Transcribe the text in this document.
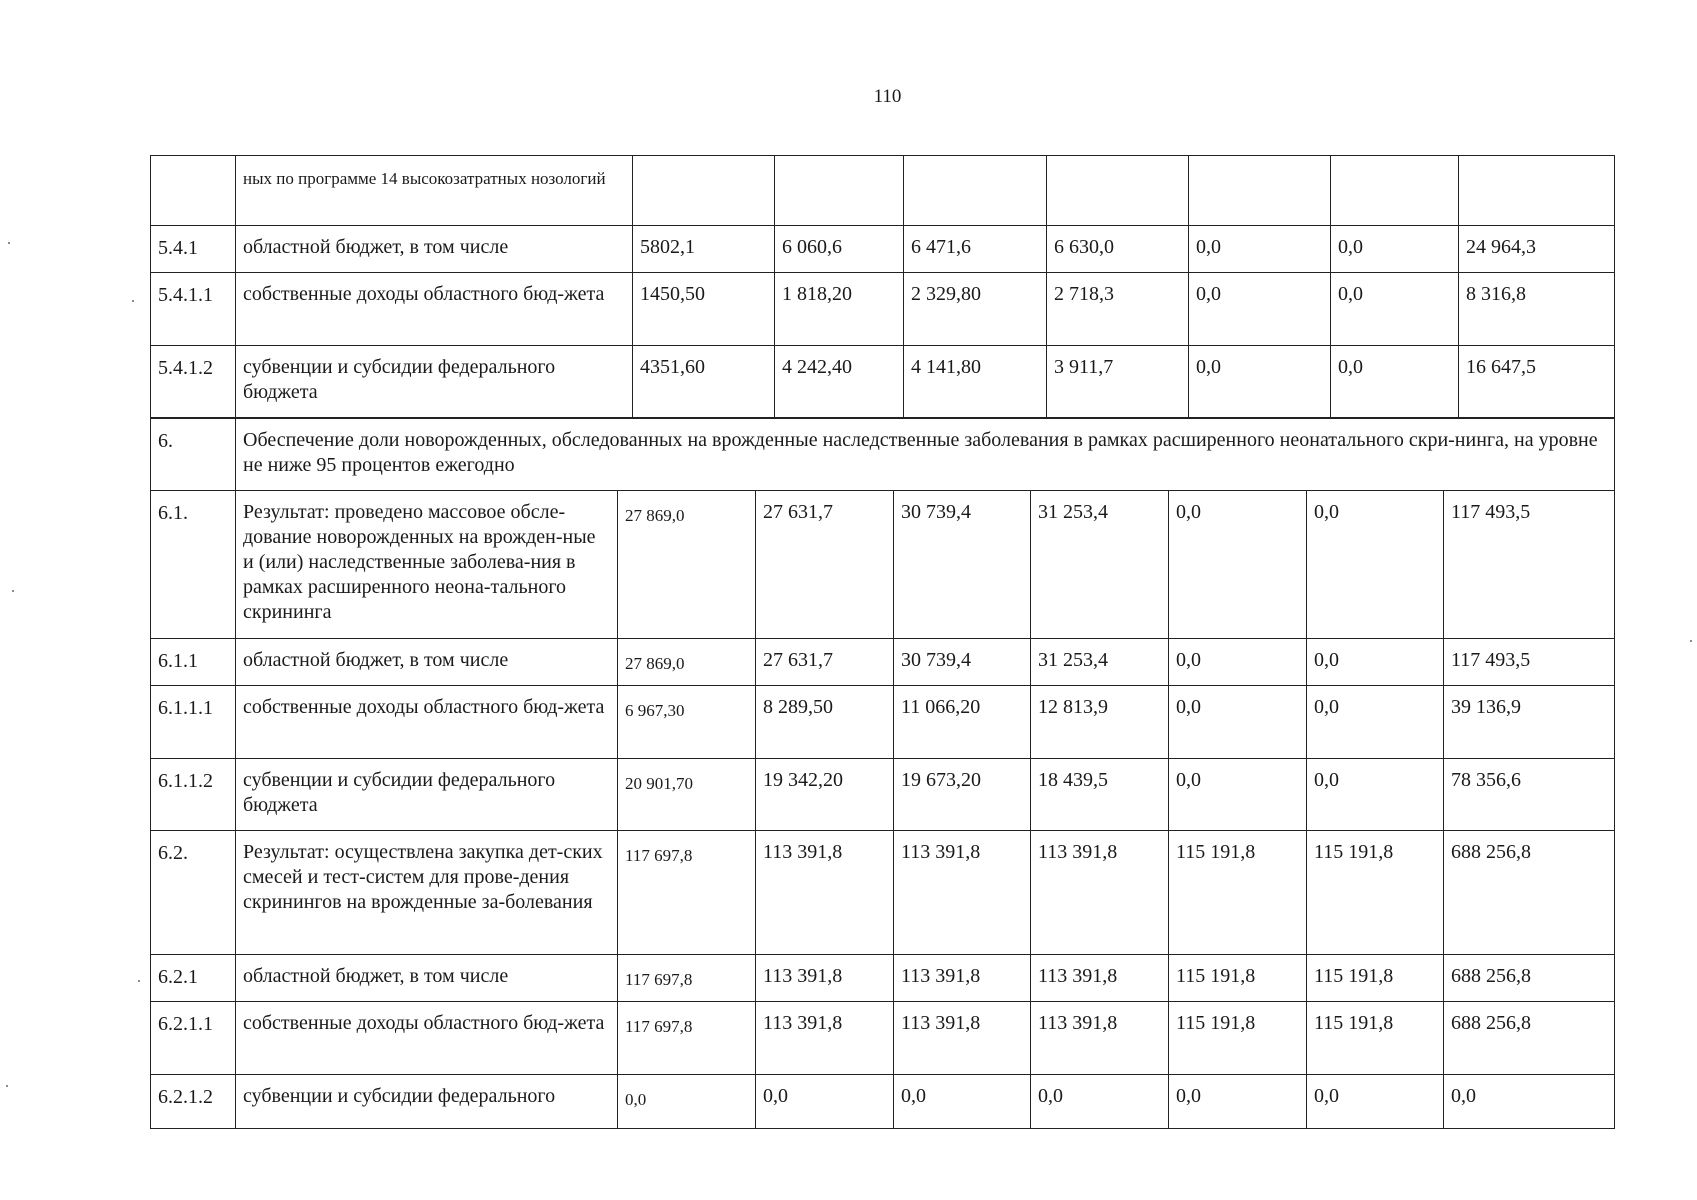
110
	ных по программе 14 высокозатратных нозологий							
5.4.1	областной бюджет, в том числе	5802,1	6 060,6	6 471,6	6 630,0	0,0	0,0	24 964,3
5.4.1.1	собственные доходы областного бюд-жета	1450,50	1 818,20	2 329,80	2 718,3	0,0	0,0	8 316,8
5.4.1.2	субвенции и субсидии федерального бюджета	4351,60	4 242,40	4 141,80	3 911,7	0,0	0,0	16 647,5
6.	Обеспечение доли новорожденных, обследованных на врожденные наследственные заболевания в рамках расширенного неонатального скри-нинга, на уровне не ниже 95 процентов ежегодно
6.1.	Результат: проведено массовое обсле-дование новорожденных на врожден-ные и (или) наследственные заболева-ния в рамках расширенного неона-тального скрининга	27 869,0	27 631,7	30 739,4	31 253,4	0,0	0,0	117 493,5
6.1.1	областной бюджет, в том числе	27 869,0	27 631,7	30 739,4	31 253,4	0,0	0,0	117 493,5
6.1.1.1	собственные доходы областного бюд-жета	6 967,30	8 289,50	11 066,20	12 813,9	0,0	0,0	39 136,9
6.1.1.2	субвенции и субсидии федерального бюджета	20 901,70	19 342,20	19 673,20	18 439,5	0,0	0,0	78 356,6
6.2.	Результат: осуществлена закупка дет-ских смесей и тест-систем для прове-дения скринингов на врожденные за-болевания	117 697,8	113 391,8	113 391,8	113 391,8	115 191,8	115 191,8	688 256,8
6.2.1	областной бюджет, в том числе	117 697,8	113 391,8	113 391,8	113 391,8	115 191,8	115 191,8	688 256,8
6.2.1.1	собственные доходы областного бюд-жета	117 697,8	113 391,8	113 391,8	113 391,8	115 191,8	115 191,8	688 256,8
6.2.1.2	субвенции и субсидии федерального	0,0	0,0	0,0	0,0	0,0	0,0	0,0
